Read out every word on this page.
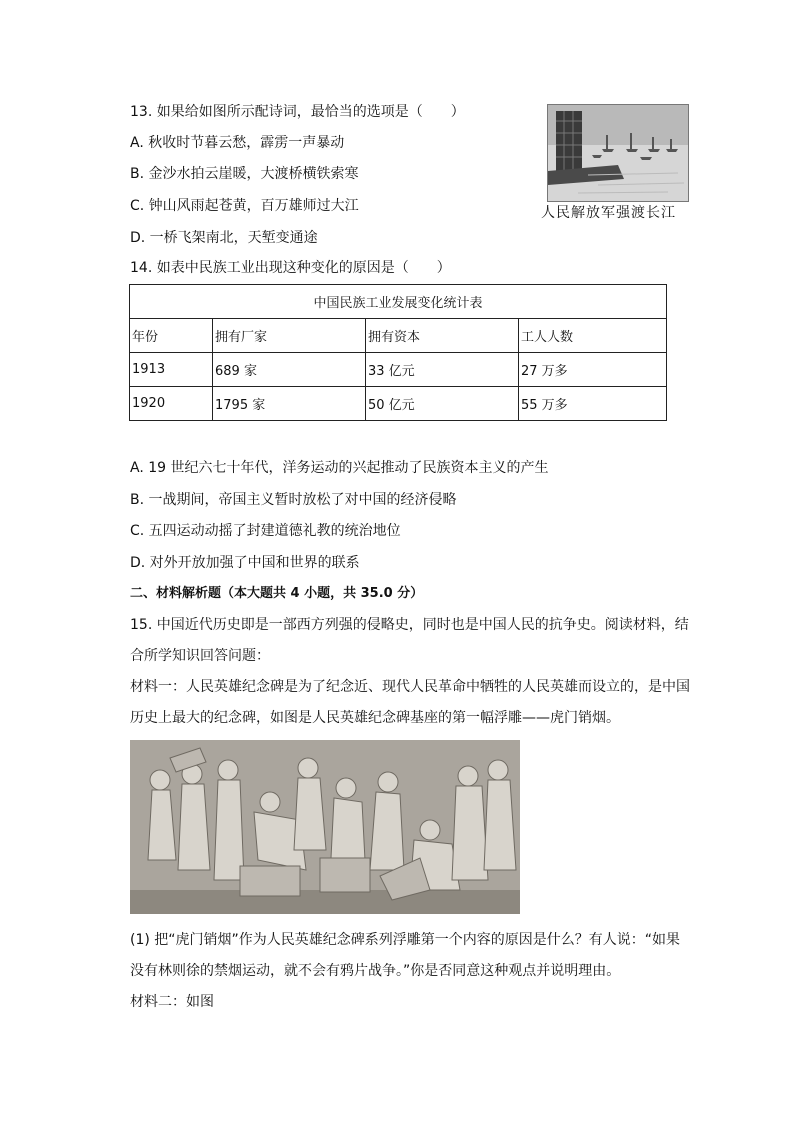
13. 如果给如图所示配诗词，最恰当的选项是（　　）
A. 秋收时节暮云愁，霹雳一声暴动
B. 金沙水拍云崖暖，大渡桥横铁索寒
C. 钟山风雨起苍黄，百万雄师过大江
D. 一桥飞架南北，天堑变通途
人民解放军强渡长江
14. 如表中民族工业出现这种变化的原因是（　　）
中国民族工业发展变化统计表			
年份	拥有厂家	拥有资本	工人人数
1913	689 家	33 亿元	27 万多
1920	1795 家	50 亿元	55 万多
A. 19 世纪六七十年代，洋务运动的兴起推动了民族资本主义的产生
B. 一战期间，帝国主义暂时放松了对中国的经济侵略
C. 五四运动动摇了封建道德礼教的统治地位
D. 对外开放加强了中国和世界的联系
二、材料解析题（本大题共 4 小题，共 35.0 分）
15. 中国近代历史即是一部西方列强的侵略史，同时也是中国人民的抗争史。阅读材料，结
合所学知识回答问题：
材料一：人民英雄纪念碑是为了纪念近、现代人民革命中牺牲的人民英雄而设立的，是中国
历史上最大的纪念碑，如图是人民英雄纪念碑基座的第一幅浮雕——虎门销烟。
(1) 把“虎门销烟”作为人民英雄纪念碑系列浮雕第一个内容的原因是什么？有人说：“如果
没有林则徐的禁烟运动，就不会有鸦片战争。”你是否同意这种观点并说明理由。
材料二：如图
